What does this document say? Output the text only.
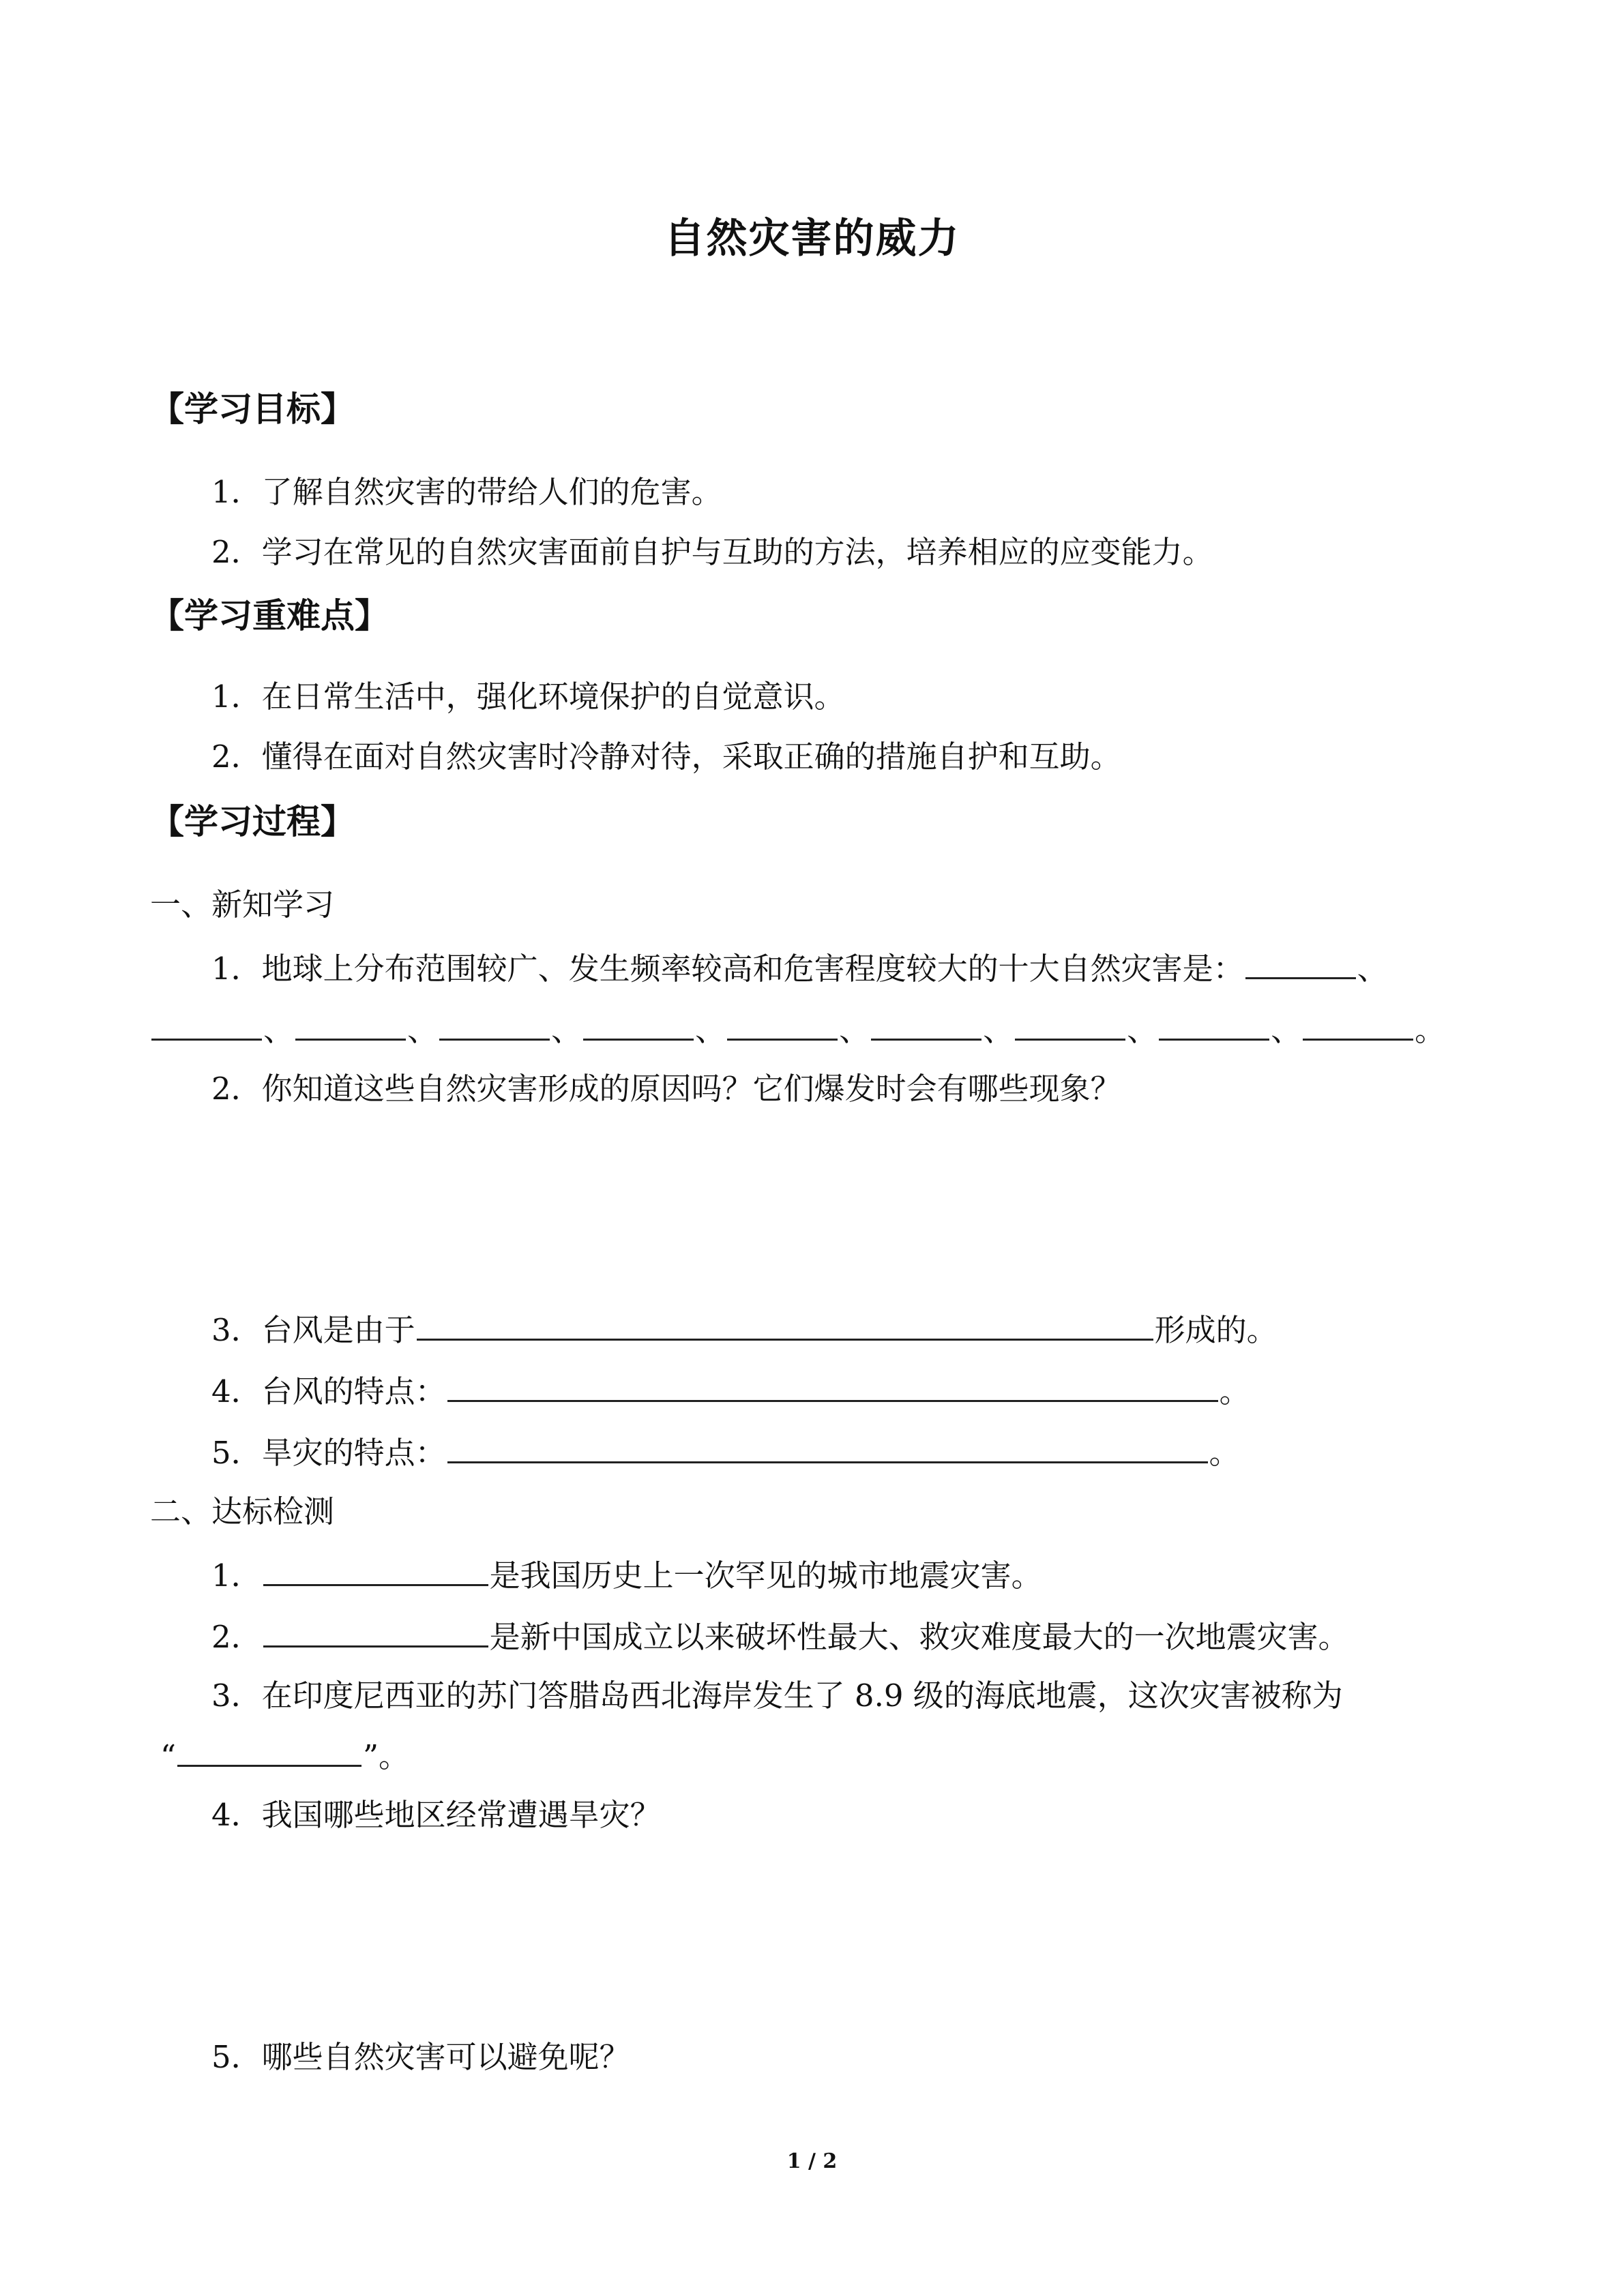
自然灾害的威力
【学习目标】
1．了解自然灾害的带给人们的危害。
2．学习在常见的自然灾害面前自护与互助的方法，培养相应的应变能力。
【学习重难点】
1．在日常生活中，强化环境保护的自觉意识。
2．懂得在面对自然灾害时冷静对待，采取正确的措施自护和互助。
【学习过程】
一、新知学习
1．地球上分布范围较广、发生频率较高和危害程度较大的十大自然灾害是：	、
、	、	、	、	、	、	、	、	。
2．你知道这些自然灾害形成的原因吗？它们爆发时会有哪些现象？
3．台风是由于	形成的。
4．台风的特点：	。
5．旱灾的特点：	。
二、达标检测
1．	是我国历史上一次罕见的城市地震灾害。
2．	是新中国成立以来破坏性最大、救灾难度最大的一次地震灾害。
3．在印度尼西亚的苏门答腊岛西北海岸发生了 8.9 级的海底地震，这次灾害被称为
“	”。
4．我国哪些地区经常遭遇旱灾？
5．哪些自然灾害可以避免呢？
1 / 2
